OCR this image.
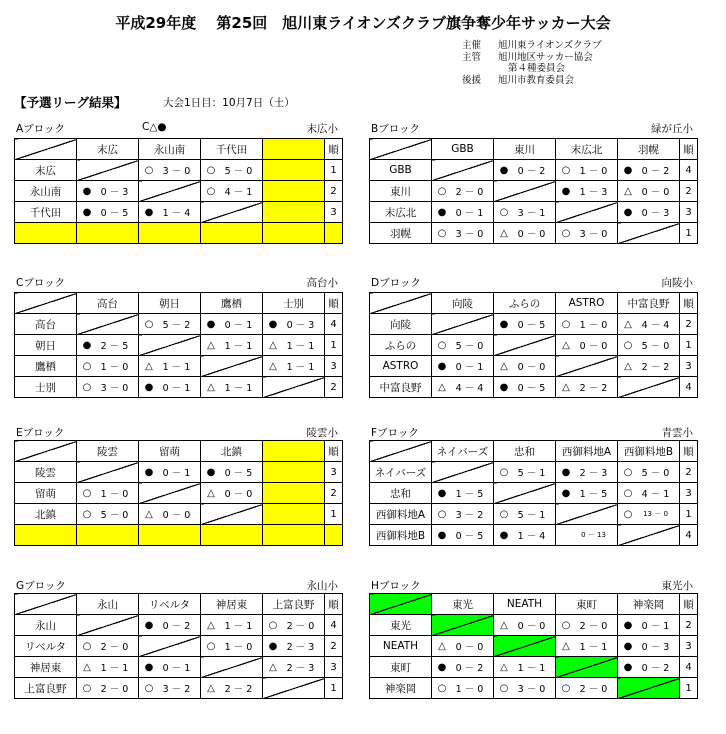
平成29年度　 第25回　旭川東ライオンズクラブ旗争奪少年サッカー大会
主催	旭川東ライオンズクラブ
主管	旭川地区サッカー協会
第４種委員会
後援	旭川市教育委員会
【予選リーグ結果】	大会1日目：10月7日（土）
Aブロック	C△●	末広小
	末広	永山南	千代田		順
末広		○ 3 － 0	○ 5 － 0		1
永山南	● 0 － 3		○ 4 － 1		2
千代田	● 0 － 5	● 1 － 4			3

Bブロック	緑が丘小
	GBB	東川	末広北	羽幌	順
GBB		● 0 － 2	○ 1 － 0	● 0 － 2	4
東川	○ 2 － 0		● 1 － 3	△ 0 － 0	2
末広北	● 0 － 1	○ 3 － 1		● 0 － 3	3
羽幌	○ 3 － 0	△ 0 － 0	○ 3 － 0		1
Cブロック	高台小
	高台	朝日	鷹栖	士別	順
高台		○ 5 － 2	● 0 － 1	● 0 － 3	4
朝日	● 2 － 5		△ 1 － 1	△ 1 － 1	1
鷹栖	○ 1 － 0	△ 1 － 1		△ 1 － 1	3
士別	○ 3 － 0	● 0 － 1	△ 1 － 1		2
Dブロック	向陵小
	向陵	ふらの	ASTRO	中富良野	順
向陵		● 0 － 5	○ 1 － 0	△ 4 － 4	2
ふらの	○ 5 － 0		△ 0 － 0	○ 5 － 0	1
ASTRO	● 0 － 1	△ 0 － 0		△ 2 － 2	3
中富良野	△ 4 － 4	● 0 － 5	△ 2 － 2		4
Eブロック	陵雲小
	陵雲	留萌	北鎮		順
陵雲		● 0 － 1	● 0 － 5		3
留萌	○ 1 － 0		△ 0 － 0		2
北鎮	○ 5 － 0	△ 0 － 0			1

Fブロック	青雲小
	ネイバーズ	忠和	西御料地A	西御料地B	順
ネイバーズ		○ 5 － 1	● 2 － 3	○ 5 － 0	2
忠和	● 1 － 5		● 1 － 5	○ 4 － 1	3
西御料地A	○ 3 － 2	○ 5 － 1		○ 13 － 0	1
西御料地B	● 0 － 5	● 1 － 4	0 － 13		4
Gブロック	永山小
	永山	リベルタ	神居東	上富良野	順
永山		● 0 － 2	△ 1 － 1	○ 2 － 0	4
リベルタ	○ 2 － 0		○ 1 － 0	● 2 － 3	2
神居東	△ 1 － 1	● 0 － 1		△ 2 － 3	3
上富良野	○ 2 － 0	○ 3 － 2	△ 2 － 2		1
Hブロック	東光小
	東光	NEATH	東町	神楽岡	順
東光		△ 0 － 0	○ 2 － 0	● 0 － 1	2
NEATH	△ 0 － 0		△ 1 － 1	● 0 － 3	3
東町	● 0 － 2	△ 1 － 1		● 0 － 2	4
神楽岡	○ 1 － 0	○ 3 － 0	○ 2 － 0		1
